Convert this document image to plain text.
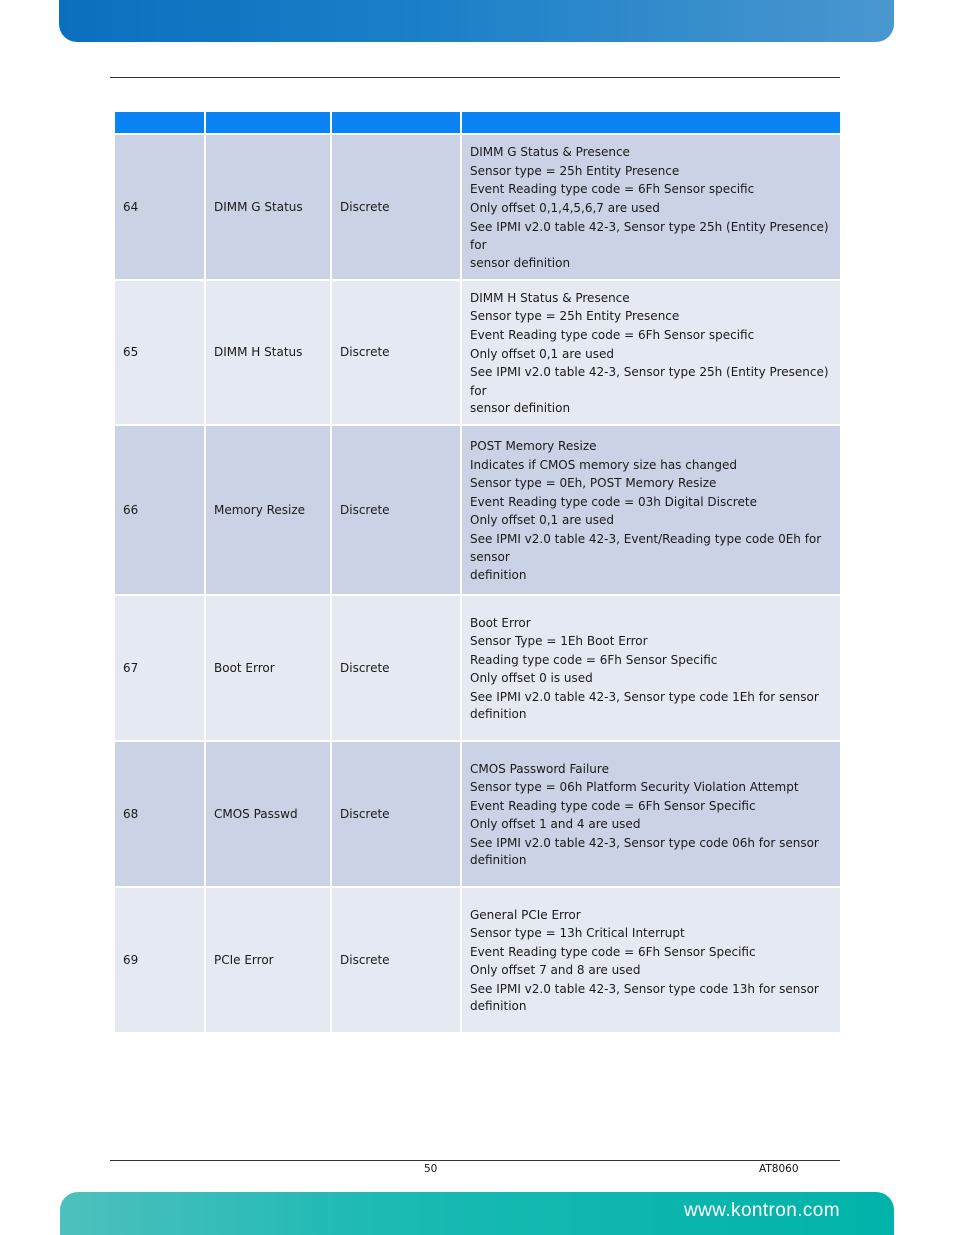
64	DIMM G Status	Discrete
DIMM G Status & Presence
Sensor type = 25h Entity Presence
Event Reading type code = 6Fh Sensor specific
Only offset 0,1,4,5,6,7 are used
See IPMI v2.0 table 42-3, Sensor type 25h (Entity Presence) for
sensor definition
65	DIMM H Status	Discrete
DIMM H Status & Presence
Sensor type = 25h Entity Presence
Event Reading type code = 6Fh Sensor specific
Only offset 0,1 are used
See IPMI v2.0 table 42-3, Sensor type 25h (Entity Presence) for
sensor definition
66	Memory Resize	Discrete
POST Memory Resize
Indicates if CMOS memory size has changed
Sensor type = 0Eh, POST Memory Resize
Event Reading type code = 03h Digital Discrete
Only offset 0,1 are used
See IPMI v2.0 table 42-3, Event/Reading type code 0Eh for sensor
definition
67	Boot Error	Discrete
Boot Error
Sensor Type = 1Eh Boot Error
Reading type code = 6Fh Sensor Specific
Only offset 0 is used
See IPMI v2.0 table 42-3, Sensor type code 1Eh for sensor
definition
68	CMOS Passwd	Discrete
CMOS Password Failure
Sensor type = 06h Platform Security Violation Attempt
Event Reading type code = 6Fh Sensor Specific
Only offset 1 and 4 are used
See IPMI v2.0 table 42-3, Sensor type code 06h for sensor
definition
69	PCIe Error	Discrete
General PCIe Error
Sensor type = 13h Critical Interrupt
Event Reading type code = 6Fh Sensor Specific
Only offset 7 and 8 are used
See IPMI v2.0 table 42-3, Sensor type code 13h for sensor
definition
50	AT8060
www.kontron.com
